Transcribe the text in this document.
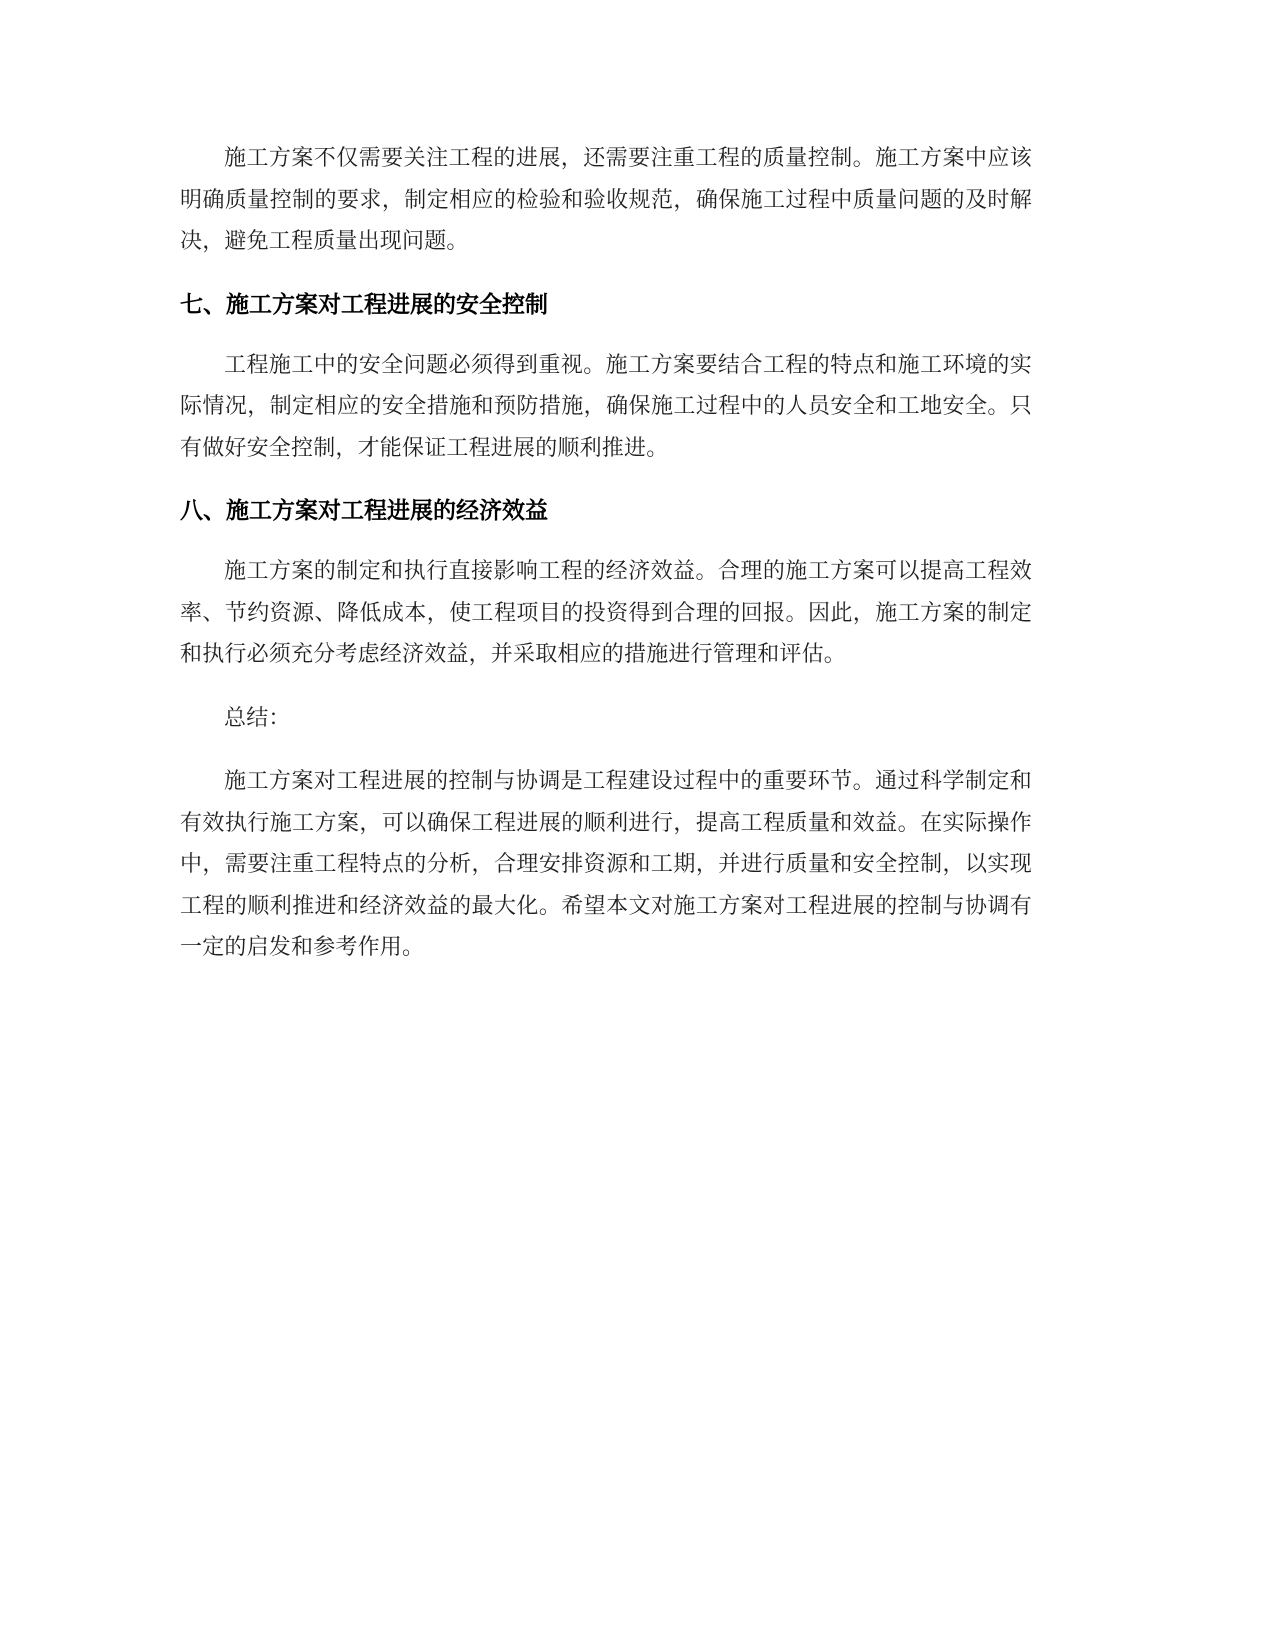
施工方案不仅需要关注工程的进展，还需要注重工程的质量控制。施工方案中应该明确质量控制的要求，制定相应的检验和验收规范，确保施工过程中质量问题的及时解决，避免工程质量出现问题。

七、施工方案对工程进展的安全控制

工程施工中的安全问题必须得到重视。施工方案要结合工程的特点和施工环境的实际情况，制定相应的安全措施和预防措施，确保施工过程中的人员安全和工地安全。只有做好安全控制，才能保证工程进展的顺利推进。

八、施工方案对工程进展的经济效益

施工方案的制定和执行直接影响工程的经济效益。合理的施工方案可以提高工程效率、节约资源、降低成本，使工程项目的投资得到合理的回报。因此，施工方案的制定和执行必须充分考虑经济效益，并采取相应的措施进行管理和评估。

总结：

施工方案对工程进展的控制与协调是工程建设过程中的重要环节。通过科学制定和有效执行施工方案，可以确保工程进展的顺利进行，提高工程质量和效益。在实际操作中，需要注重工程特点的分析，合理安排资源和工期，并进行质量和安全控制，以实现工程的顺利推进和经济效益的最大化。希望本文对施工方案对工程进展的控制与协调有一定的启发和参考作用。
